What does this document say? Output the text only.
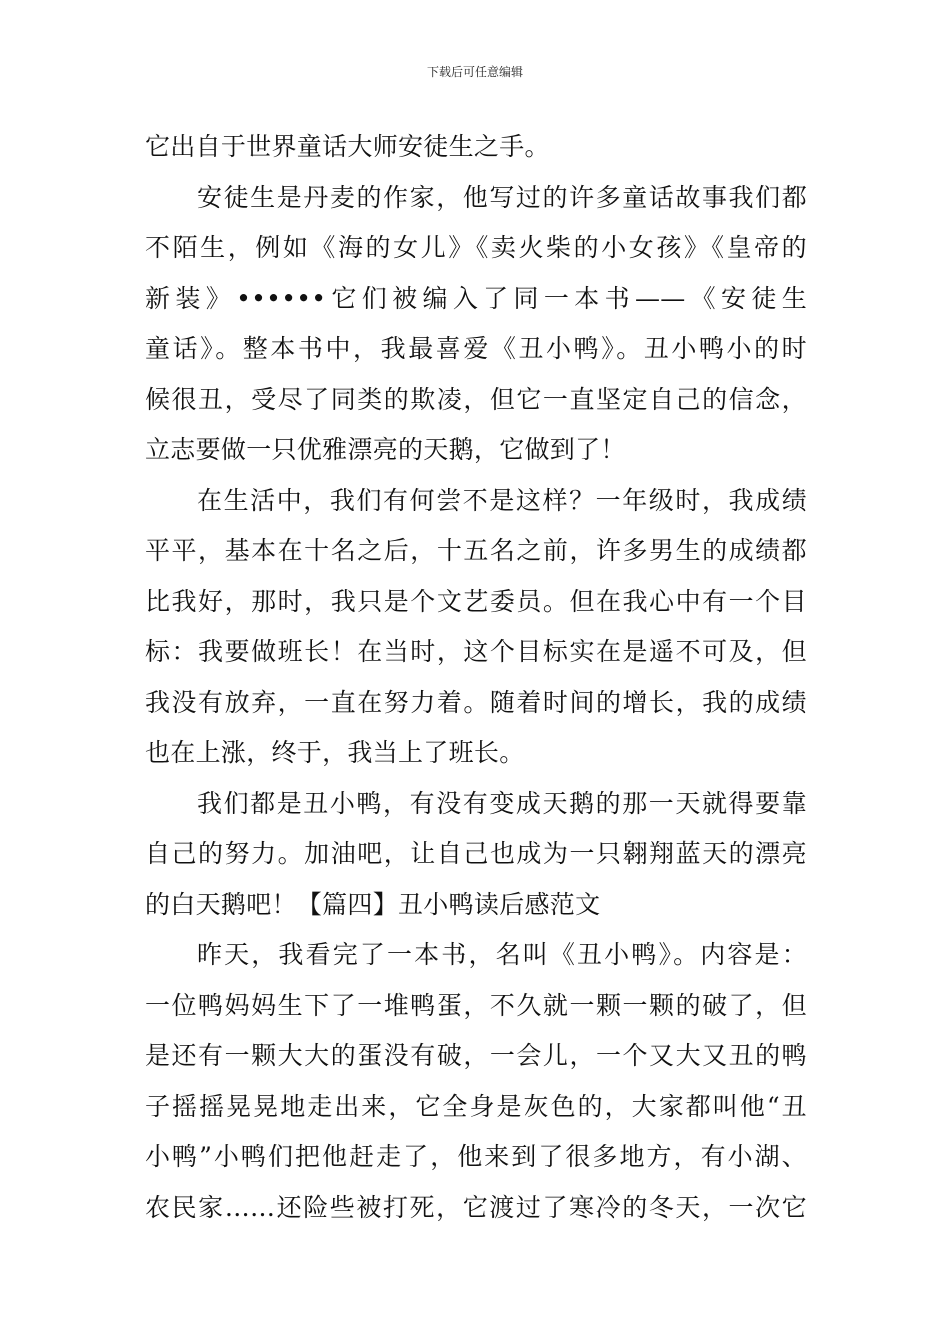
下载后可任意编辑
它出自于世界童话大师安徒生之手。
安徒生是丹麦的作家，他写过的许多童话故事我们都
不陌生，例如《海的女儿》《卖火柴的小女孩》《皇帝的
新装》••••••它们被编入了同一本书——《安徒生
童话》。整本书中，我最喜爱《丑小鸭》。丑小鸭小的时
候很丑，受尽了同类的欺凌，但它一直坚定自己的信念，
立志要做一只优雅漂亮的天鹅，它做到了！
在生活中，我们有何尝不是这样？一年级时，我成绩
平平，基本在十名之后，十五名之前，许多男生的成绩都
比我好，那时，我只是个文艺委员。但在我心中有一个目
标：我要做班长！在当时，这个目标实在是遥不可及，但
我没有放弃，一直在努力着。随着时间的增长，我的成绩
也在上涨，终于，我当上了班长。
我们都是丑小鸭，有没有变成天鹅的那一天就得要靠
自己的努力。加油吧，让自己也成为一只翱翔蓝天的漂亮
的白天鹅吧！【篇四】丑小鸭读后感范文
昨天，我看完了一本书，名叫《丑小鸭》。内容是：
一位鸭妈妈生下了一堆鸭蛋，不久就一颗一颗的破了，但
是还有一颗大大的蛋没有破，一会儿，一个又大又丑的鸭
子摇摇晃晃地走出来，它全身是灰色的，大家都叫他“丑
小鸭”小鸭们把他赶走了，他来到了很多地方，有小湖、
农民家……还险些被打死，它渡过了寒冷的冬天，一次它
